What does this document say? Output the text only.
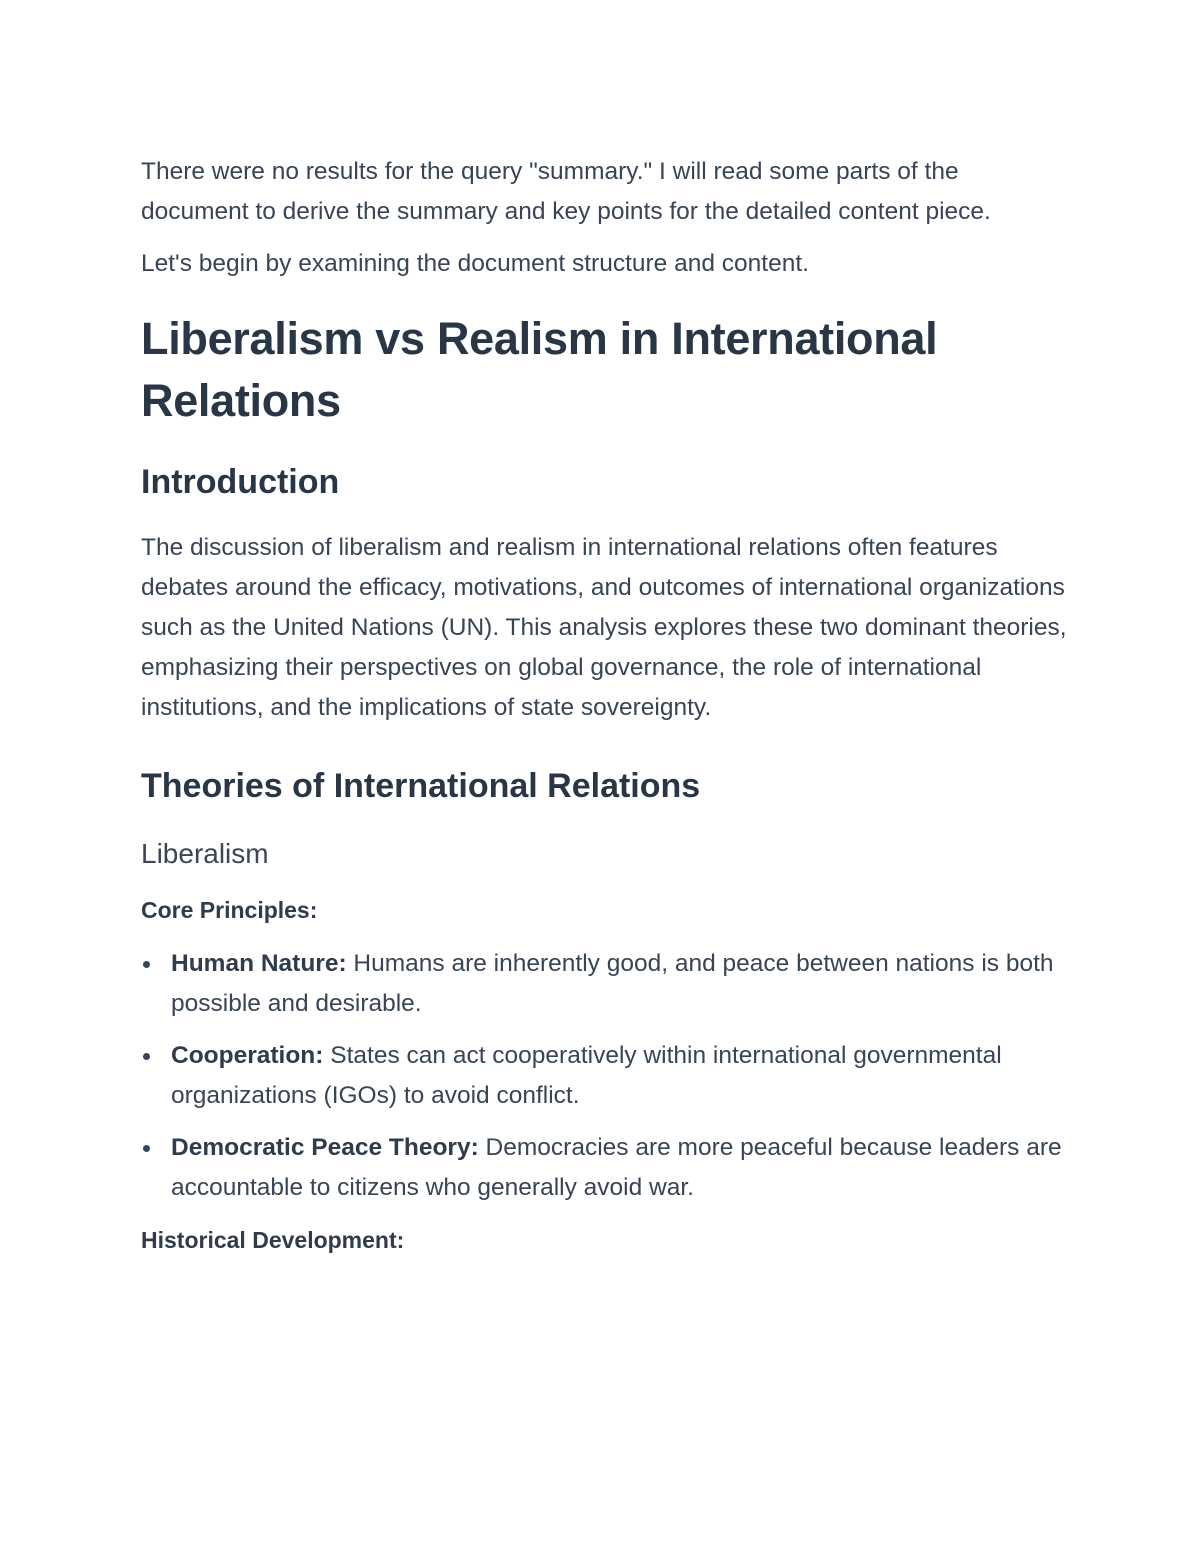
There were no results for the query "summary." I will read some parts of the document to derive the summary and key points for the detailed content piece.

Let's begin by examining the document structure and content.

Liberalism vs Realism in International Relations
Introduction

The discussion of liberalism and realism in international relations often features debates around the efficacy, motivations, and outcomes of international organizations such as the United Nations (UN). This analysis explores these two dominant theories, emphasizing their perspectives on global governance, the role of international institutions, and the implications of state sovereignty.

Theories of International Relations
Liberalism
Core Principles:
Human Nature: Humans are inherently good, and peace between nations is both possible and desirable.
Cooperation: States can act cooperatively within international governmental organizations (IGOs) to avoid conflict.
Democratic Peace Theory: Democracies are more peaceful because leaders are accountable to citizens who generally avoid war.
Historical Development:
